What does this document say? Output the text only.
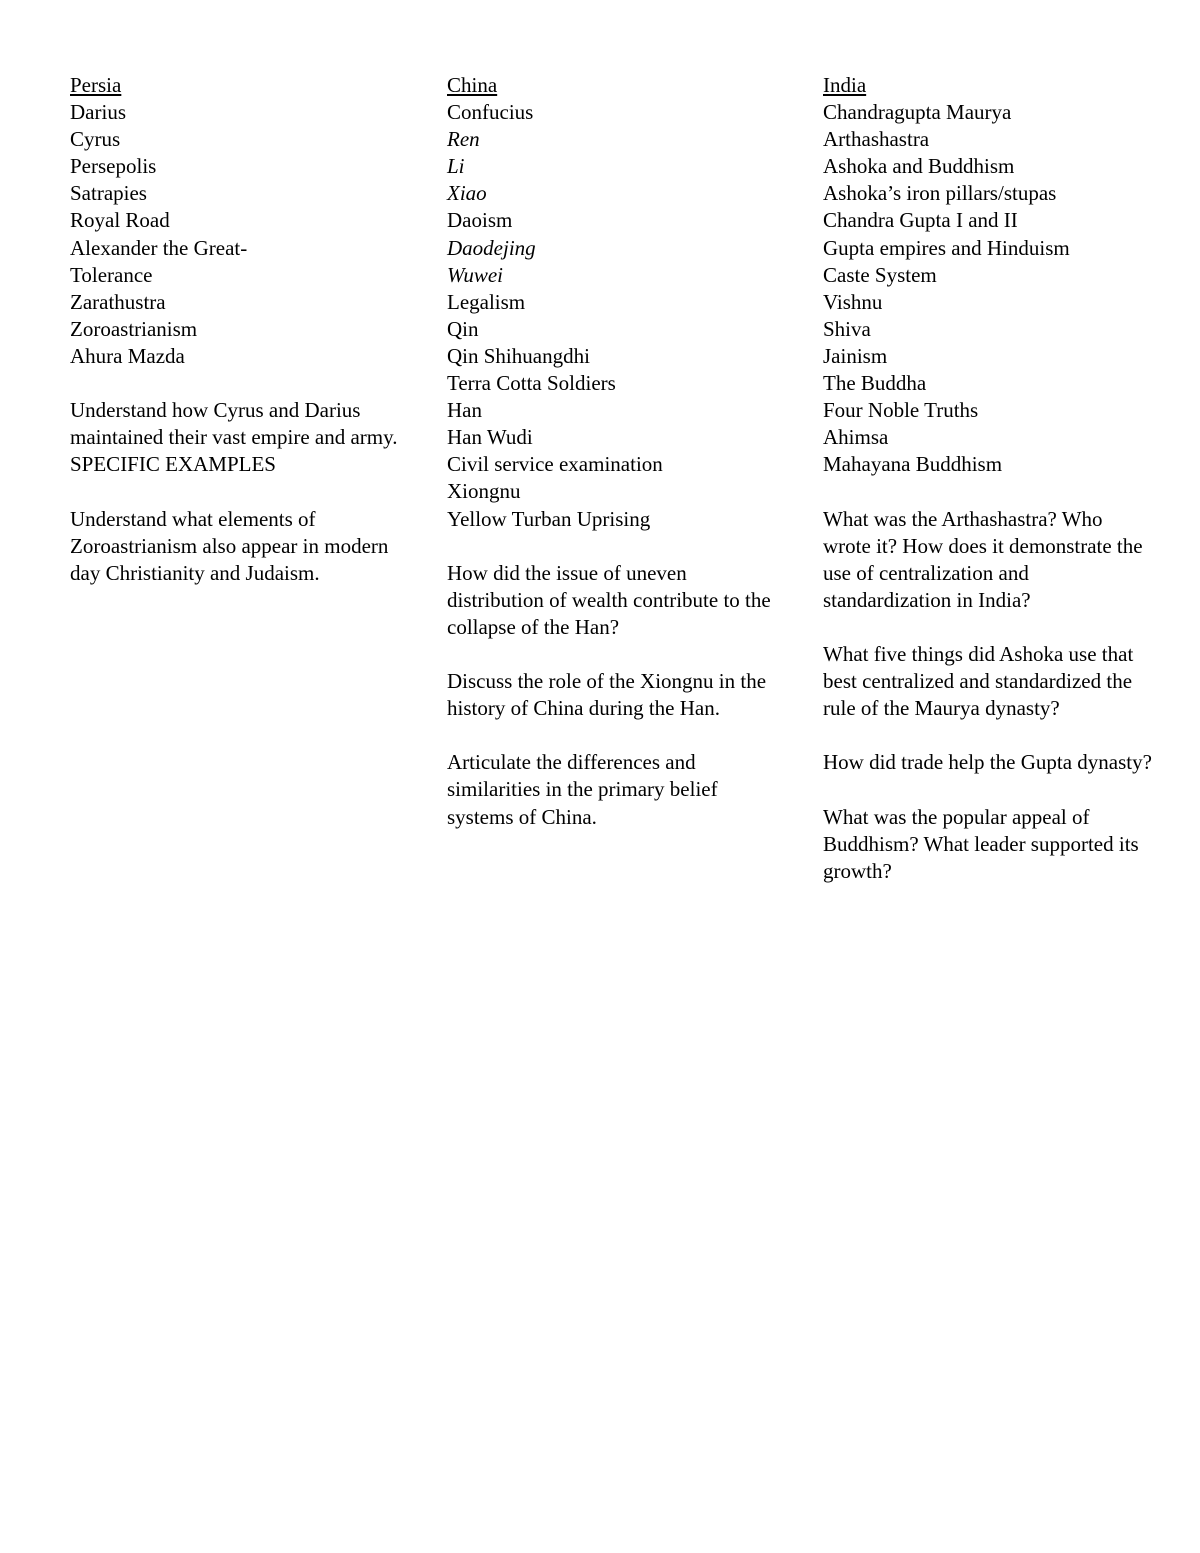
Persia
Darius
Cyrus
Persepolis
Satrapies
Royal Road
Alexander the Great-
Tolerance
Zarathustra
Zoroastrianism
Ahura Mazda
Understand how Cyrus and Darius maintained their vast empire and army. SPECIFIC EXAMPLES
Understand what elements of Zoroastrianism also appear in modern day Christianity and Judaism.
China
Confucius
Ren
Li
Xiao
Daoism
Daodejing
Wuwei
Legalism
Qin
Qin Shihuangdhi
Terra Cotta Soldiers
Han
Han Wudi
Civil service examination
Xiongnu
Yellow Turban Uprising
How did the issue of uneven distribution of wealth contribute to the collapse of the Han?
Discuss the role of the Xiongnu in the history of China during the Han.
Articulate the differences and similarities in the primary belief systems of China.
India
Chandragupta Maurya
Arthashastra
Ashoka and Buddhism
Ashoka’s iron pillars/stupas
Chandra Gupta I and II
Gupta empires and Hinduism
Caste System
Vishnu
Shiva
Jainism
The Buddha
Four Noble Truths
Ahimsa
Mahayana Buddhism
What was the Arthashastra? Who wrote it? How does it demonstrate the use of centralization and standardization in India?
What five things did Ashoka use that best centralized and standardized the rule of the Maurya dynasty?
How did trade help the Gupta dynasty?
What was the popular appeal of Buddhism? What leader supported its growth?
